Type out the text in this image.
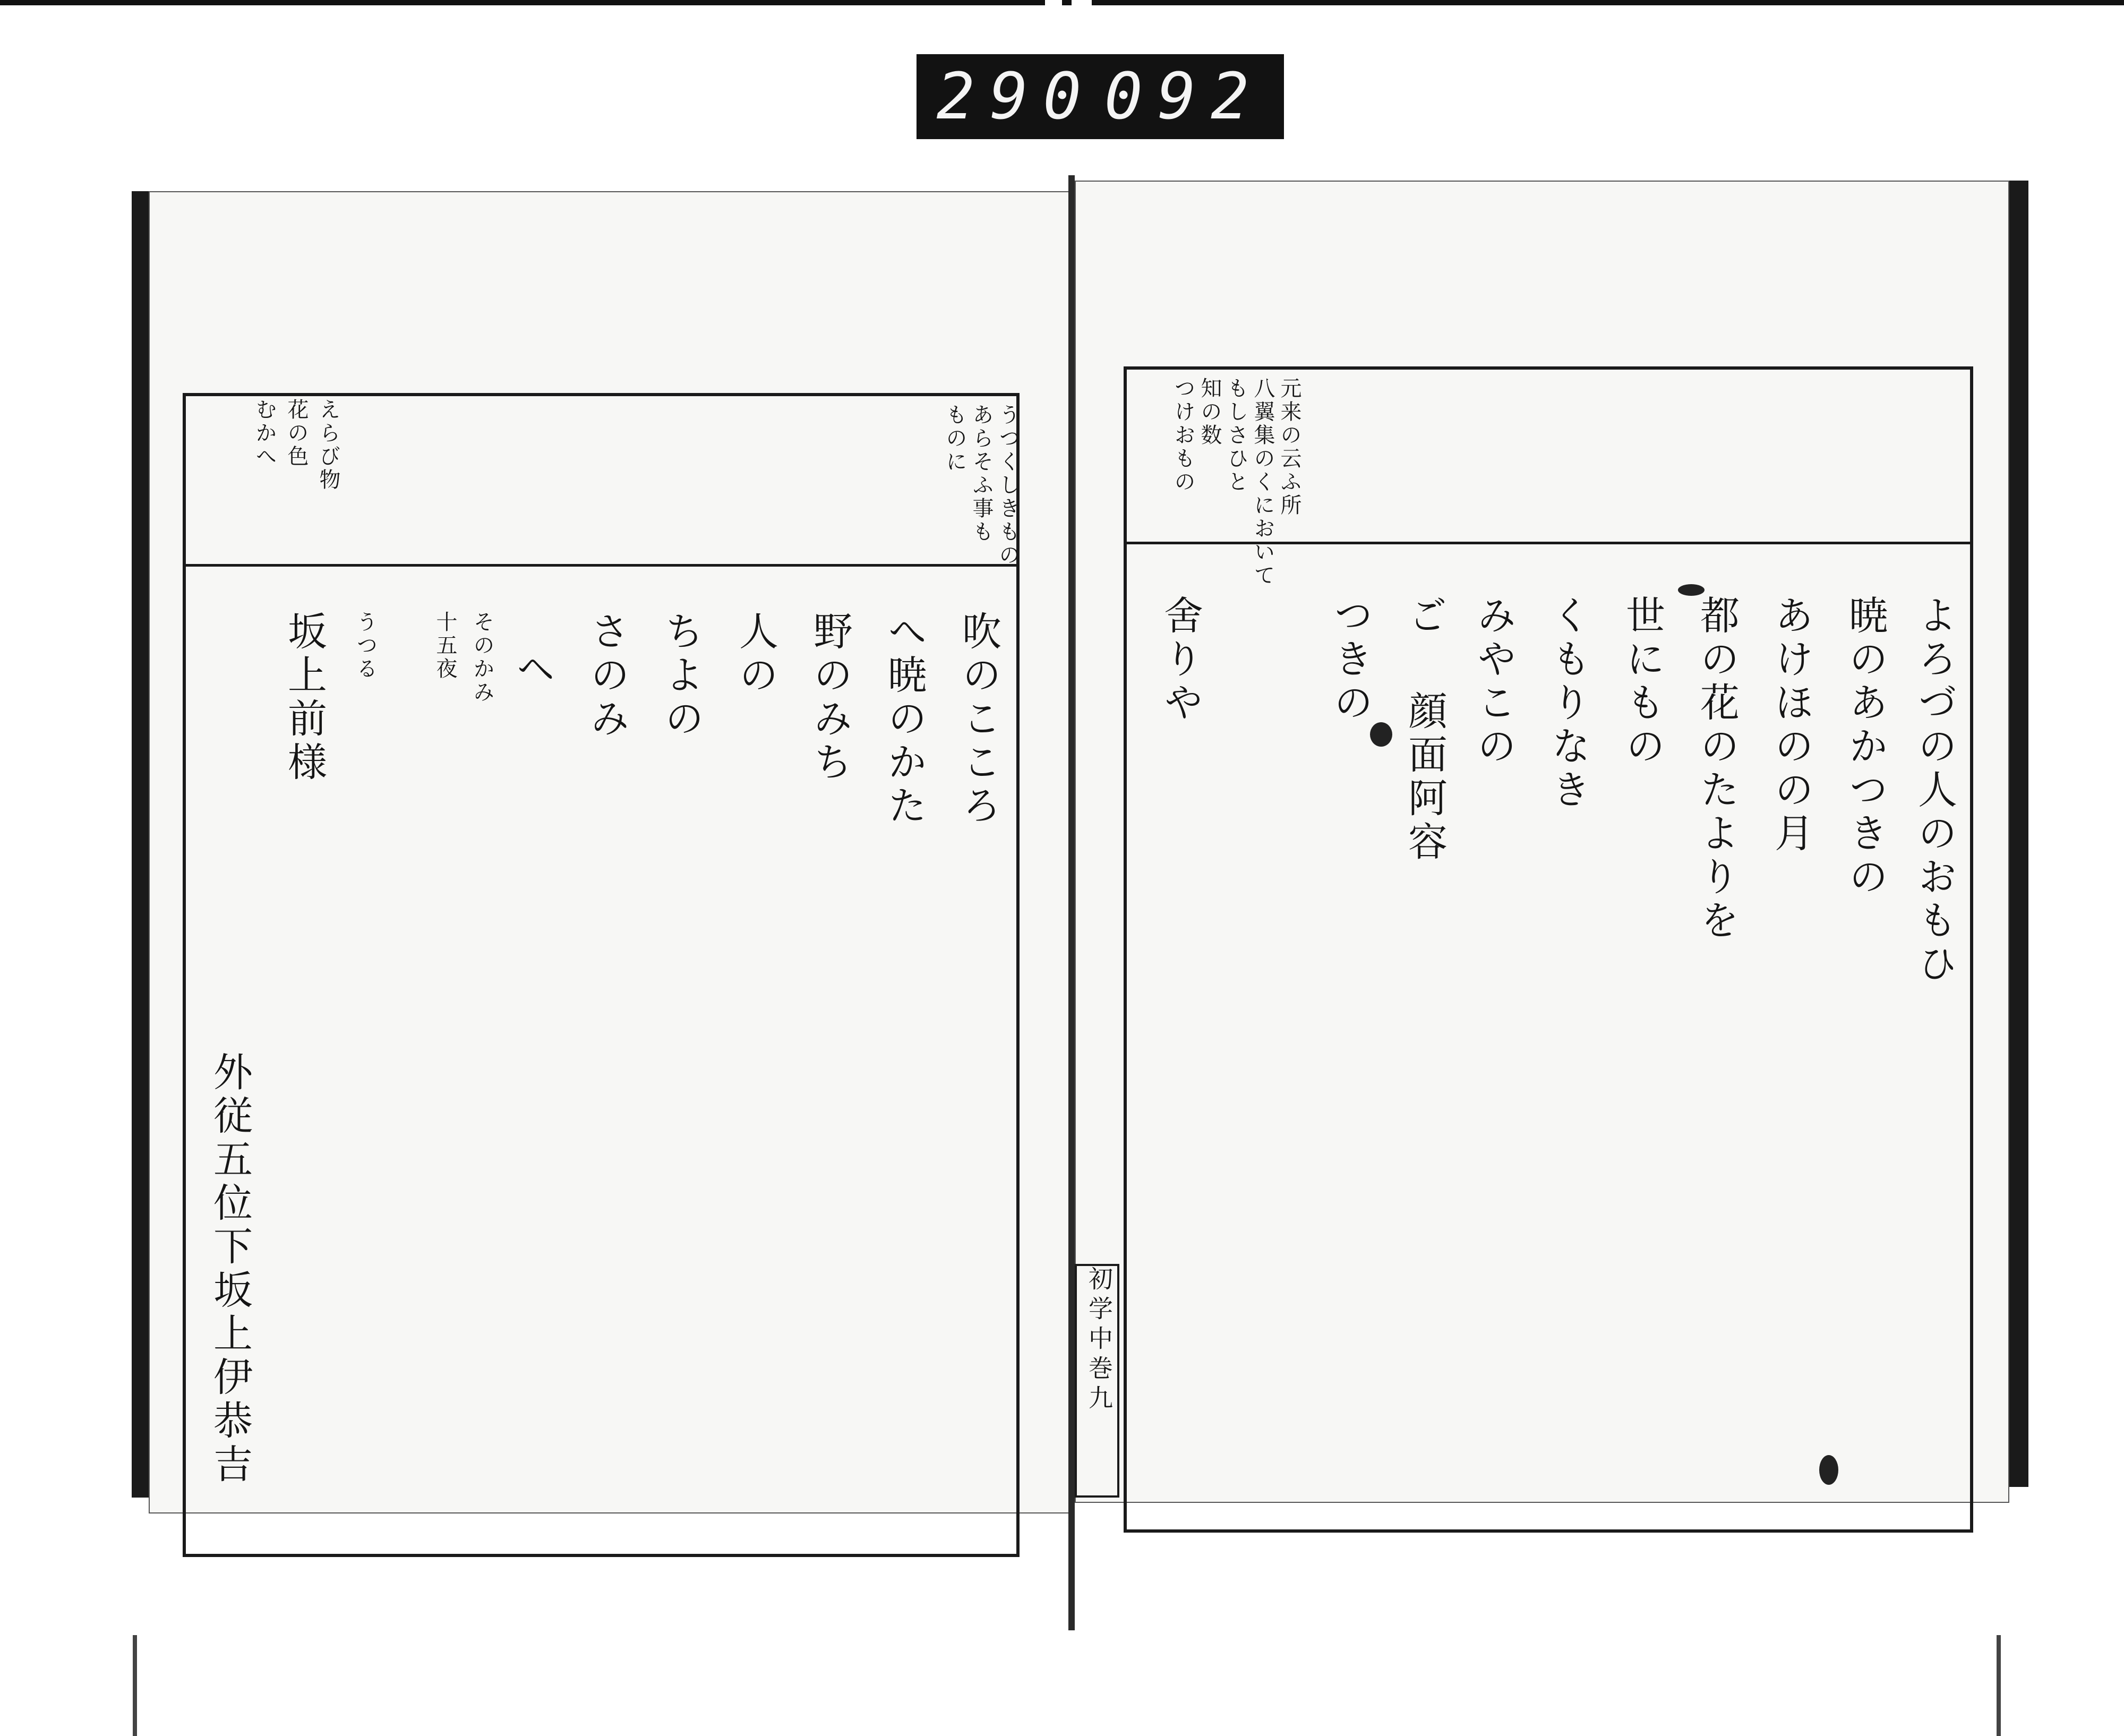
290 092
元来の云ふ所
八翼集のくにおいて
もしさひと
知の数
つけおもの
うつくしきもの
あらそふ事も
ものに
えらび物
花の色
むかへ
よろづの人のおもひ
暁のあかつきの
あけほのの月
都の花のたよりを
世にもの
くもりなき
みやこの
ご
顔面阿容
つきの
舍りや
吹のこころ
へ暁のかた
野のみち
人の
ちよの
さのみ
ヘ
そのかみ
十五夜
うつる
坂上前様
外従五位下坂上伊恭吉	初学中巻
九
